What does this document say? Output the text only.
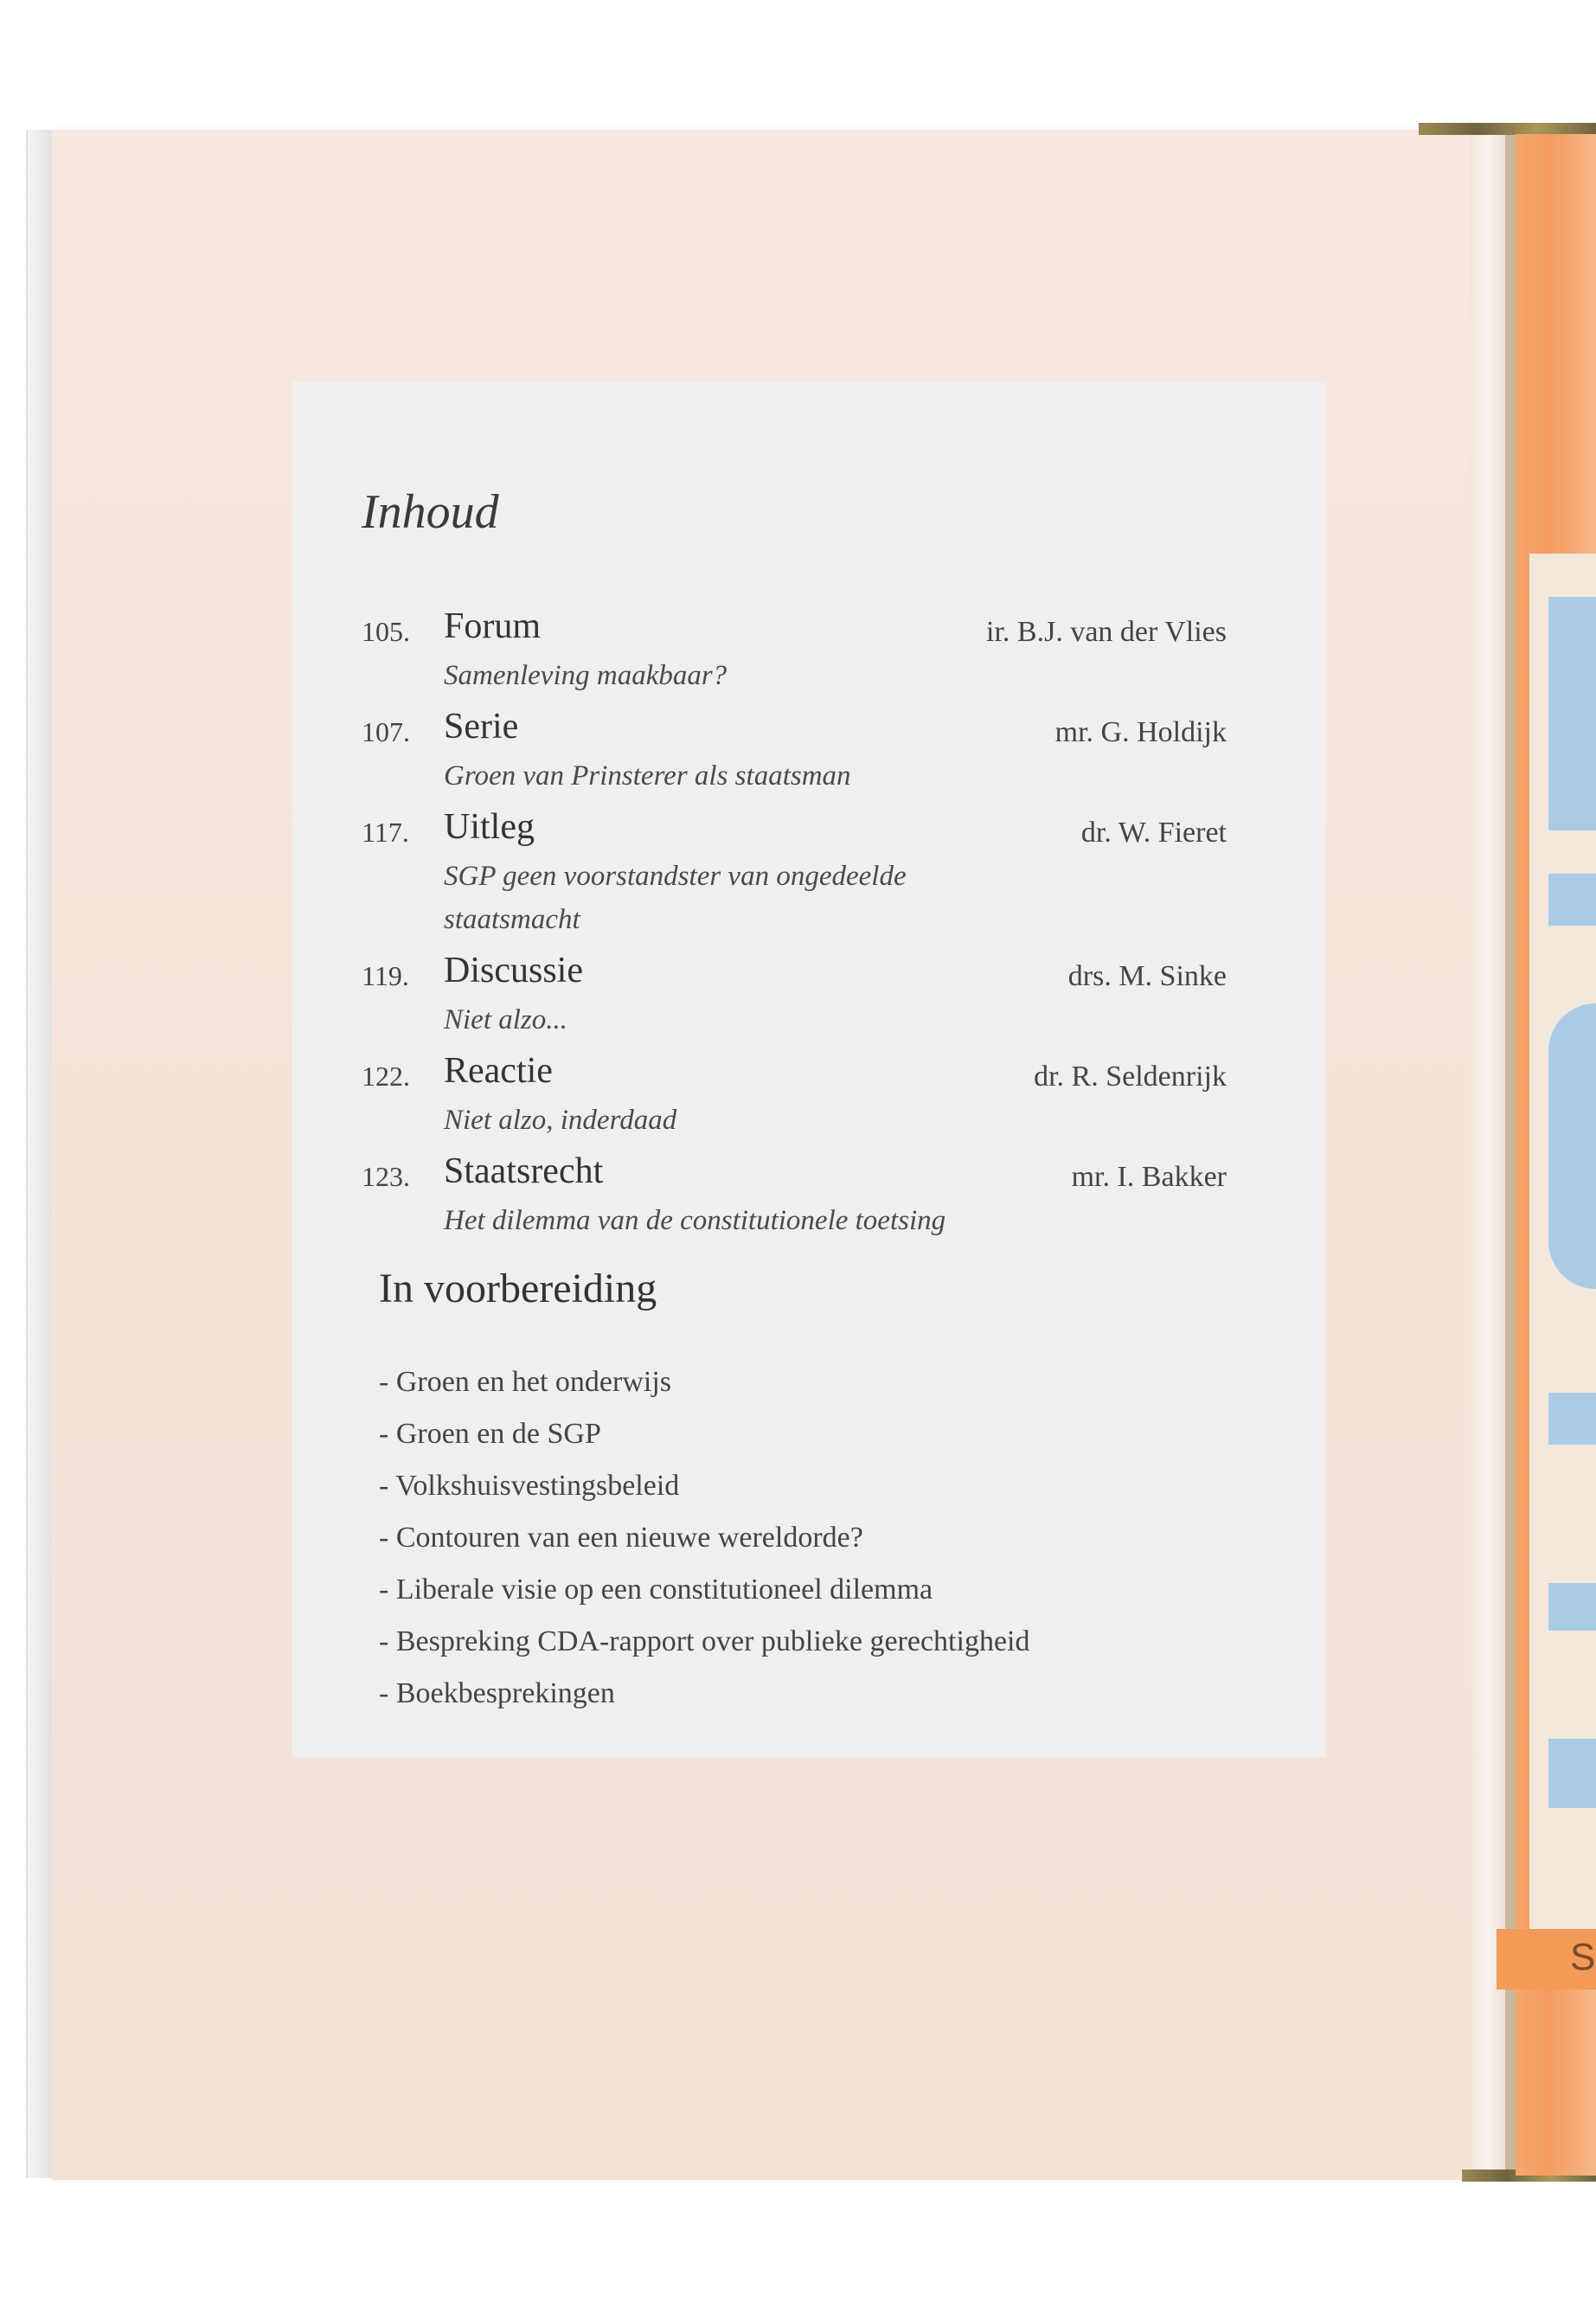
S
Inhoud
105. Forum	ir. B.J. van der Vlies
Samenleving maakbaar?
107. Serie	mr. G. Holdijk
Groen van Prinsterer als staatsman
117. Uitleg	dr. W. Fieret
SGP geen voorstandster van ongedeelde staatsmacht
119. Discussie	drs. M. Sinke
Niet alzo...
122. Reactie	dr. R. Seldenrijk
Niet alzo, inderdaad
123. Staatsrecht	mr. I. Bakker
Het dilemma van de constitutionele toetsing
In voorbereiding
- Groen en het onderwijs
- Groen en de SGP
- Volkshuisvestingsbeleid
- Contouren van een nieuwe wereldorde?
- Liberale visie op een constitutioneel dilemma
- Bespreking CDA-rapport over publieke gerechtigheid
- Boekbesprekingen
